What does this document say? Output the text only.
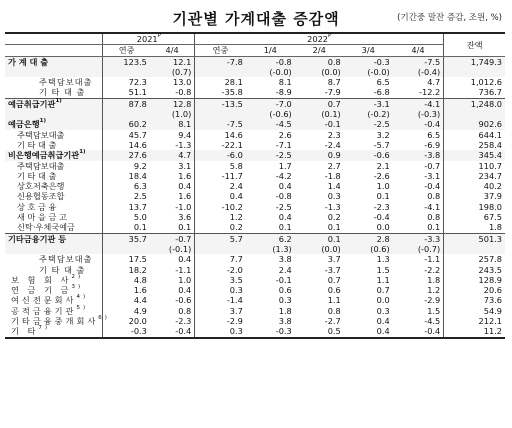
기관별 가계대출 증감액	(기간중 말잔 증감, 조원, %)
	$2021^P$		$2022^P$					잔액
	연중	4/4	연중	1/4	2/4	3/4	4/4	
가 계 대 출	123.5	12.1	-7.8	-0.8	0.8	-0.3	-7.5	1,749.3
		(0.7)		(-0.0)	(0.0)	(-0.0)	(-0.4)	
주택담보대출	72.3	13.0	28.1	8.1	8.7	6.5	4.7	1,012.6
기 타 대 출	51.1	-0.8	-35.8	-8.9	-7.9	-6.8	-12.2	736.7
예금취급기관$^{1)}$	87.8	12.8	-13.5	-7.0	0.7	-3.1	-4.1	1,248.0
		(1.0)		(-0.6)	(0.1)	(-0.2)	(-0.3)	
예금은행$^{1)}$	60.2	8.1	-7.5	-4.5	-0.1	-2.5	-0.4	902.6
주택담보대출	45.7	9.4	14.6	2.6	2.3	3.2	6.5	644.1
기 타 대 출	14.6	-1.3	-22.1	-7.1	-2.4	-5.7	-6.9	258.4
비은행예금취급기관$^{1)}$	27.6	4.7	-6.0	-2.5	0.9	-0.6	-3.8	345.4
주택담보대출	9.2	3.1	5.8	1.7	2.7	2.1	-0.7	110.7
기 타 대 출	18.4	1.6	-11.7	-4.2	-1.8	-2.6	-3.1	234.7
상호저축은행	6.3	0.4	2.4	0.4	1.4	1.0	-0.4	40.2
신용협동조합	2.5	1.6	0.4	-0.8	0.3	0.1	0.8	37.9
상 호 금 융	13.7	-1.0	-10.2	-2.5	-1.3	-2.3	-4.1	198.0
새 마 을 금 고	5.0	3.6	1.2	0.4	0.2	-0.4	0.8	67.5
신탁·우체국예금	0.1	0.1	0.2	0.1	0.1	0.0	0.1	1.8
기타금융기관 등	35.7	-0.7	5.7	6.2	0.1	2.8	-3.3	501.3
		(-0.1)		(1.3)	(0.0)	(0.6)	(-0.7)	
주택담보대출	17.5	0.4	7.7	3.8	3.7	1.3	-1.1	257.8
기 타 대 출	18.2	-1.1	-2.0	2.4	-3.7	1.5	-2.2	243.5
보 험 회 사$^{2)}$	4.8	1.0	3.5	-0.1	0.7	1.1	1.8	128.9
연 금 기 금$^{3)}$	1.6	0.4	0.3	0.6	0.6	0.7	1.2	20.6
여신전문회사$^{4)}$	4.4	-0.6	-1.4	0.3	1.1	0.0	-2.9	73.6
공적금융기관$^{5)}$	4.9	0.8	3.7	1.8	0.8	0.3	1.5	54.9
기타금융중개회사$^{6)}$	20.0	-2.3	-2.9	3.8	-2.7	0.4	-4.5	212.1
기 타$^{7)}$	-0.3	-0.4	0.3	-0.3	0.5	0.4	-0.4	11.2
